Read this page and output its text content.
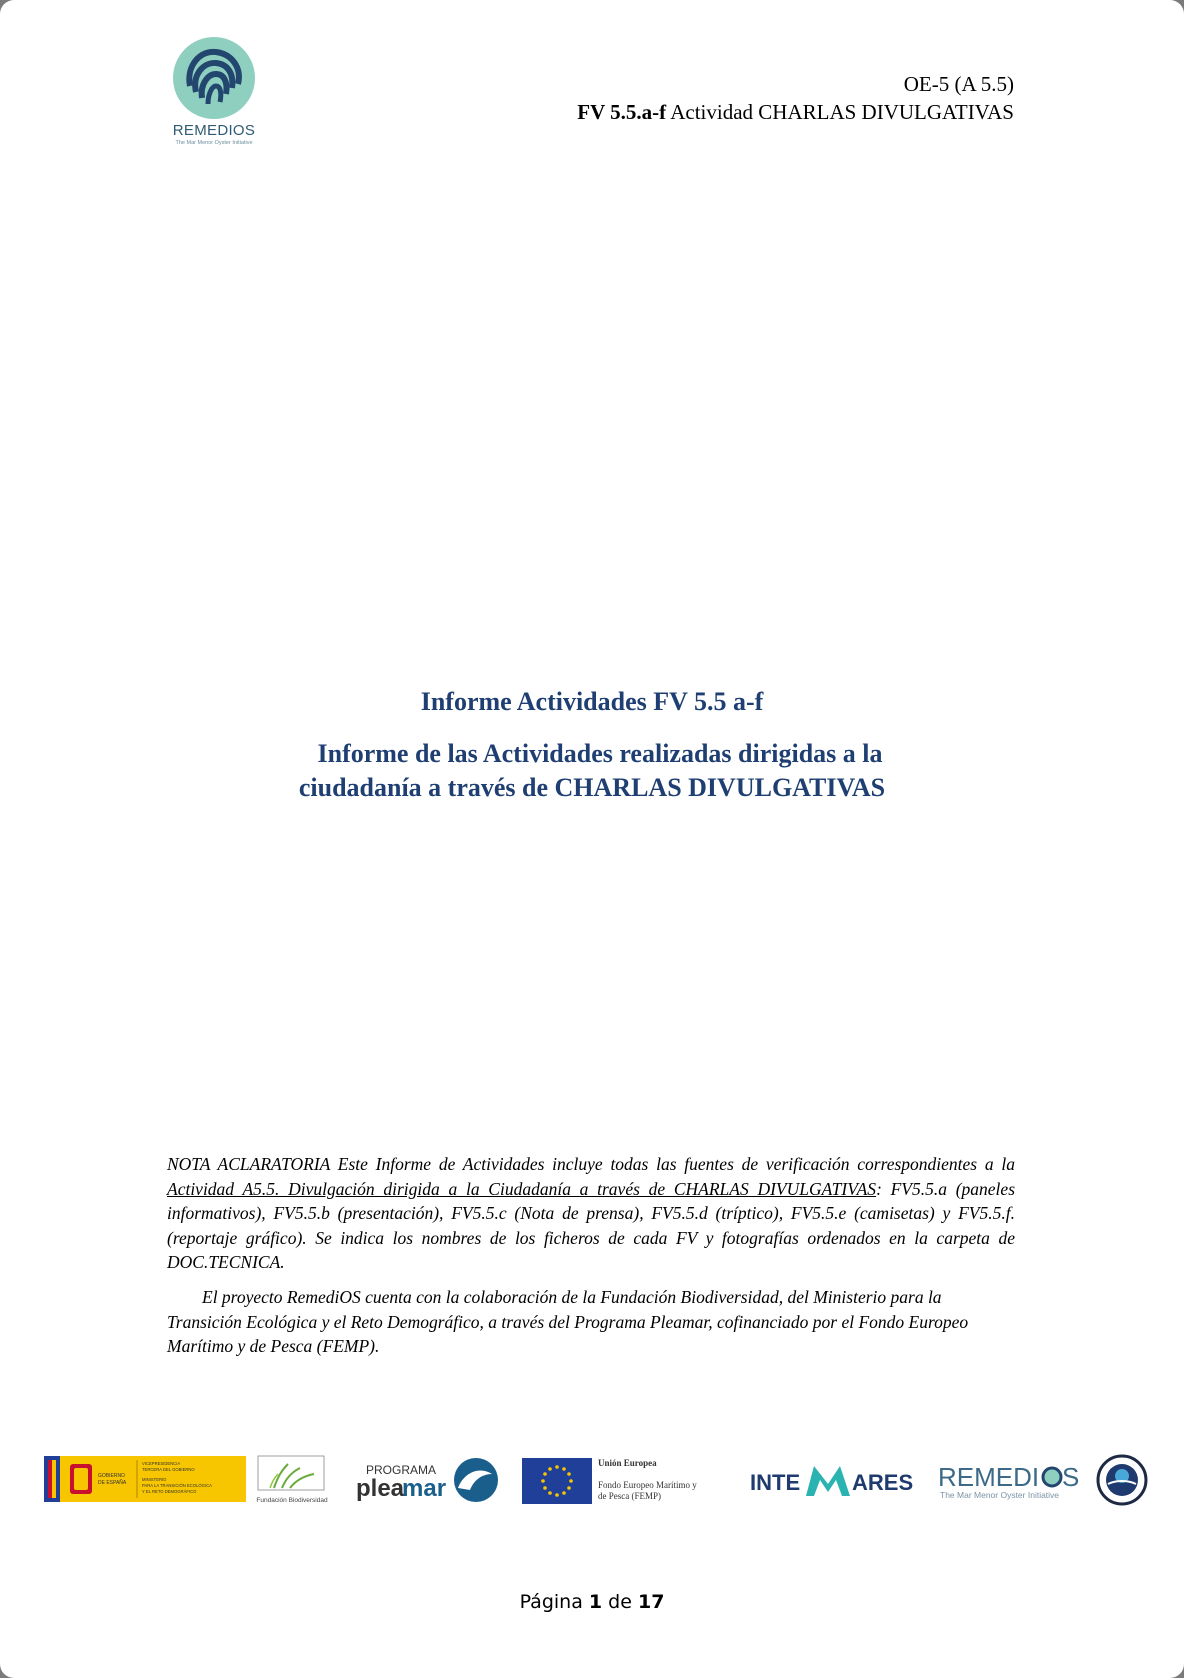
REMEDIOS
The Mar Menor Oyster Initiative
OE-5 (A 5.5)
FV 5.5.a-f Actividad CHARLAS DIVULGATIVAS

Informe Actividades FV 5.5 a-f

Informe de las Actividades realizadas dirigidas a la
ciudadanía a través de CHARLAS DIVULGATIVAS

NOTA ACLARATORIA Este Informe de Actividades incluye todas las fuentes de verificación correspondientes a la Actividad A5.5. Divulgación dirigida a la Ciudadanía a través de CHARLAS DIVULGATIVAS: FV5.5.a (paneles informativos), FV5.5.b (presentación), FV5.5.c (Nota de prensa), FV5.5.d (tríptico), FV5.5.e (camisetas) y FV5.5.f. (reportaje gráfico). Se indica los nombres de los ficheros de cada FV y fotografías ordenados en la carpeta de DOC.TECNICA.

El proyecto RemediOS cuenta con la colaboración de la Fundación Biodiversidad, del Ministerio para la Transición Ecológica y el Reto Demográfico, a través del Programa Pleamar, cofinanciado por el Fondo Europeo Marítimo y de Pesca (FEMP).

GOBIERNO
DE ESPAÑA
VICEPRESIDENCIA
TERCERA DEL GOBIERNO
MINISTERIO
PARA LA TRANSICIÓN ECOLÓGICA
Y EL RETO DEMOGRÁFICO
Fundación Biodiversidad
PROGRAMA
plea
mar
Unión Europea
Fondo Europeo Marítimo y
de Pesca (FEMP)
INTE ARES REMEDI S
The Mar Menor Oyster Initiative
Página 1 de 17
